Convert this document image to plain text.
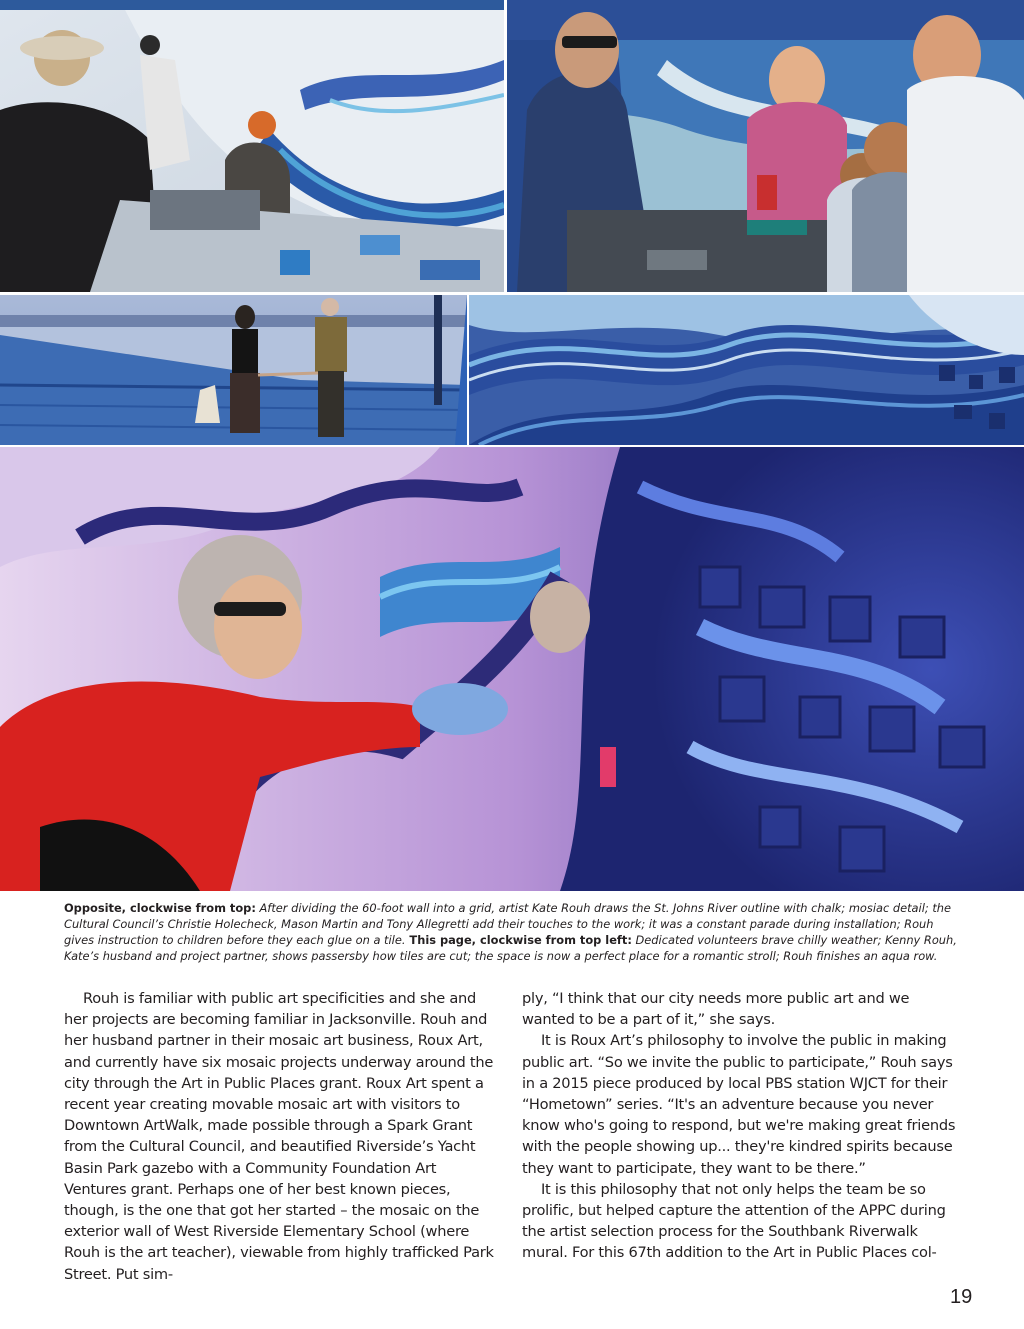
Opposite, clockwise from top: After dividing the 60-foot wall into a grid, artist Kate Rouh draws the St. Johns River outline with chalk; mosiac detail; the Cultural Council’s Christie Holecheck, Mason Martin and Tony Allegretti add their touches to the work; it was a constant parade during installation; Rouh gives instruction to children before they each glue on a tile. This page, clockwise from top left: Dedicated volunteers brave chilly weather; Kenny Rouh, Kate’s husband and project partner, shows passersby how tiles are cut; the space is now a perfect place for a romantic stroll; Rouh finishes an aqua row.

Rouh is familiar with public art specificities and she and her projects are becoming familiar in Jacksonville. Rouh and her husband partner in their mosaic art business, Roux Art, and currently have six mosaic projects underway around the city through the Art in Public Places grant. Roux Art spent a recent year creating movable mosaic art with visitors to Downtown ArtWalk, made possible through a Spark Grant from the Cultural Council, and beautified Riverside’s Yacht Basin Park gazebo with a Community Foundation Art Ventures grant. Perhaps one of her best known pieces, though, is the one that got her started – the mosaic on the exterior wall of West Riverside Elementary School (where Rouh is the art teacher), viewable from highly trafficked Park Street. Put sim-

ply, “I think that our city needs more public art and we wanted to be a part of it,” she says.

It is Roux Art’s philosophy to involve the public in making public art. “So we invite the public to participate,” Rouh says in a 2015 piece produced by local PBS station WJCT for their “Hometown” series. “It's an adventure because you never know who's going to respond, but we're making great friends with the people showing up... they're kindred spirits because they want to participate, they want to be there.”

It is this philosophy that not only helps the team be so prolific, but helped capture the attention of the APPC during the artist selection process for the Southbank Riverwalk mural. For this 67th addition to the Art in Public Places col-

19
